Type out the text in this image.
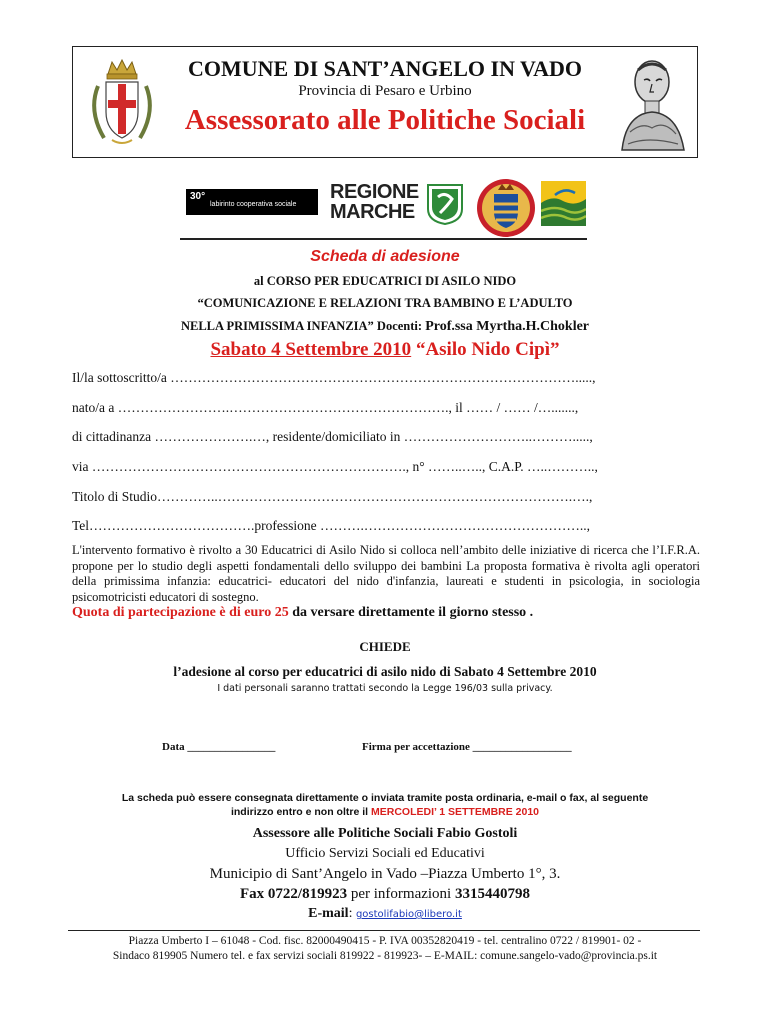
COMUNE DI SANT’ANGELO IN VADO
Provincia di Pesaro e Urbino
Assessorato alle Politiche Sociali
30°
labirinto cooperativa sociale
REGIONE
MARCHE
Scheda di adesione
al CORSO PER EDUCATRICI DI ASILO NIDO
“COMUNICAZIONE E RELAZIONI TRA BAMBINO E L’ADULTO
NELLA PRIMISSIMA INFANZIA” Docenti: Prof.ssa Myrtha.H.Chokler
Sabato 4 Settembre 2010 “Asilo Nido Cipì”
Il/la sottoscritto/a ……………………………………………………………………………….....,
nato/a a …………………….…………………………………………., il …… / …… /….......,
di cittadinanza ………………….…, residente/domiciliato in ………………………..……….....,
via ……………………………………………………………., n° ……..….., C.A.P. …..………..,
Titolo di Studio…………..…………………………………………………………………….….,
Tel……………………………….professione ……….…………………………………………..,
L'intervento formativo è rivolto a 30 Educatrici di Asilo Nido si colloca nell’ambito delle iniziative di ricerca che l’I.F.R.A. propone per lo studio degli aspetti fondamentali dello sviluppo dei bambini La proposta formativa è rivolta agli operatori della primissima infanzia: educatrici- educatori del nido d'infanzia, laureati e studenti in psicologia, in sociologia psicomotricisti educatori di sostegno.
Quota di partecipazione è di euro 25 da versare direttamente il giorno stesso .
CHIEDE
l’adesione al corso per educatrici di asilo nido di Sabato 4 Settembre 2010
I dati personali saranno trattati secondo la Legge 196/03 sulla privacy.
Data ________________	Firma per accettazione __________________
La scheda può essere consegnata direttamente o inviata tramite posta ordinaria, e-mail o fax, al seguente
indirizzo entro e non oltre il MERCOLEDI’ 1 SETTEMBRE 2010
Assessore alle Politiche Sociali Fabio Gostoli
Ufficio Servizi Sociali ed Educativi
Municipio di Sant’Angelo in Vado –Piazza Umberto 1°, 3.
Fax 0722/819923 per informazioni 3315440798
E-mail: gostolifabio@libero.it
Piazza Umberto I – 61048 - Cod. fisc. 82000490415 - P. IVA 00352820419 - tel. centralino 0722 / 819901- 02 -
Sindaco 819905 Numero tel. e fax servizi sociali 819922 - 819923- – E-MAIL: comune.sangelo-vado@provincia.ps.it
